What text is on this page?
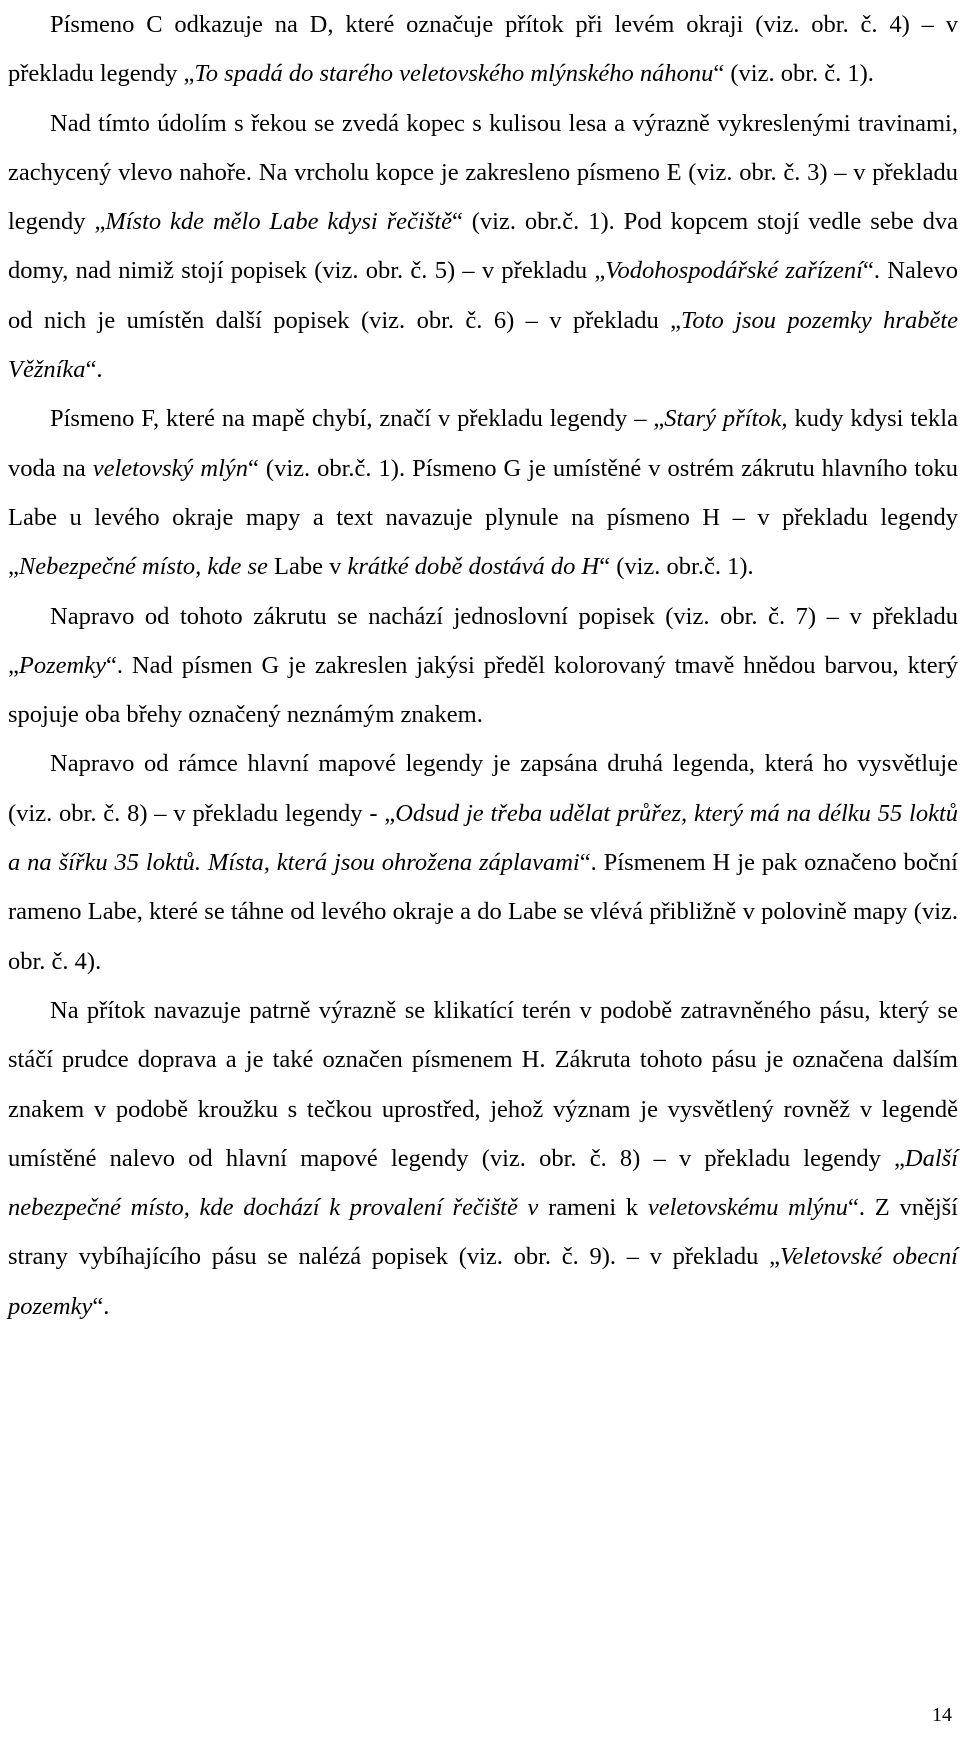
Písmeno C odkazuje na D, které označuje přítok při levém okraji (viz. obr. č. 4) – v překladu legendy „To spadá do starého veletovského mlýnského náhonu“ (viz. obr. č. 1).

Nad tímto údolím s řekou se zvedá kopec s kulisou lesa a výrazně vykreslenými travinami, zachycený vlevo nahoře. Na vrcholu kopce je zakresleno písmeno E (viz. obr. č. 3) – v překladu legendy „Místo kde mělo Labe kdysi řečiště“ (viz. obr.č. 1). Pod kopcem stojí vedle sebe dva domy, nad nimiž stojí popisek (viz. obr. č. 5) – v překladu „Vodohospodářské zařízení“. Nalevo od nich je umístěn další popisek (viz. obr. č. 6) – v překladu „Toto jsou pozemky hraběte Věžníka“.

Písmeno F, které na mapě chybí, značí v překladu legendy – „Starý přítok, kudy kdysi tekla voda na veletovský mlýn“ (viz. obr.č. 1). Písmeno G je umístěné v ostrém zákrutu hlavního toku Labe u levého okraje mapy a text navazuje plynule na písmeno H – v překladu legendy „Nebezpečné místo, kde se Labe v krátké době dostává do H“ (viz. obr.č. 1).

Napravo od tohoto zákrutu se nachází jednoslovní popisek (viz. obr. č. 7) – v překladu „Pozemky“. Nad písmen G je zakreslen jakýsi předěl kolorovaný tmavě hnědou barvou, který spojuje oba břehy označený neznámým znakem.

Napravo od rámce hlavní mapové legendy je zapsána druhá legenda, která ho vysvětluje (viz. obr. č. 8) – v překladu legendy - „Odsud je třeba udělat průřez, který má na délku 55 loktů a na šířku 35 loktů. Místa, která jsou ohrožena záplavami“. Písmenem H je pak označeno boční rameno Labe, které se táhne od levého okraje a do Labe se vlévá přibližně v polovině mapy (viz. obr. č. 4).

Na přítok navazuje patrně výrazně se klikatící terén v podobě zatravněného pásu, který se stáčí prudce doprava a je také označen písmenem H. Zákruta tohoto pásu je označena dalším znakem v podobě kroužku s tečkou uprostřed, jehož význam je vysvětlený rovněž v legendě umístěné nalevo od hlavní mapové legendy (viz. obr. č. 8) – v překladu legendy „Další nebezpečné místo, kde dochází k provalení řečiště v rameni k veletovskému mlýnu“. Z vnější strany vybíhajícího pásu se nalézá popisek (viz. obr. č. 9). – v překladu „Veletovské obecní pozemky“.

14
